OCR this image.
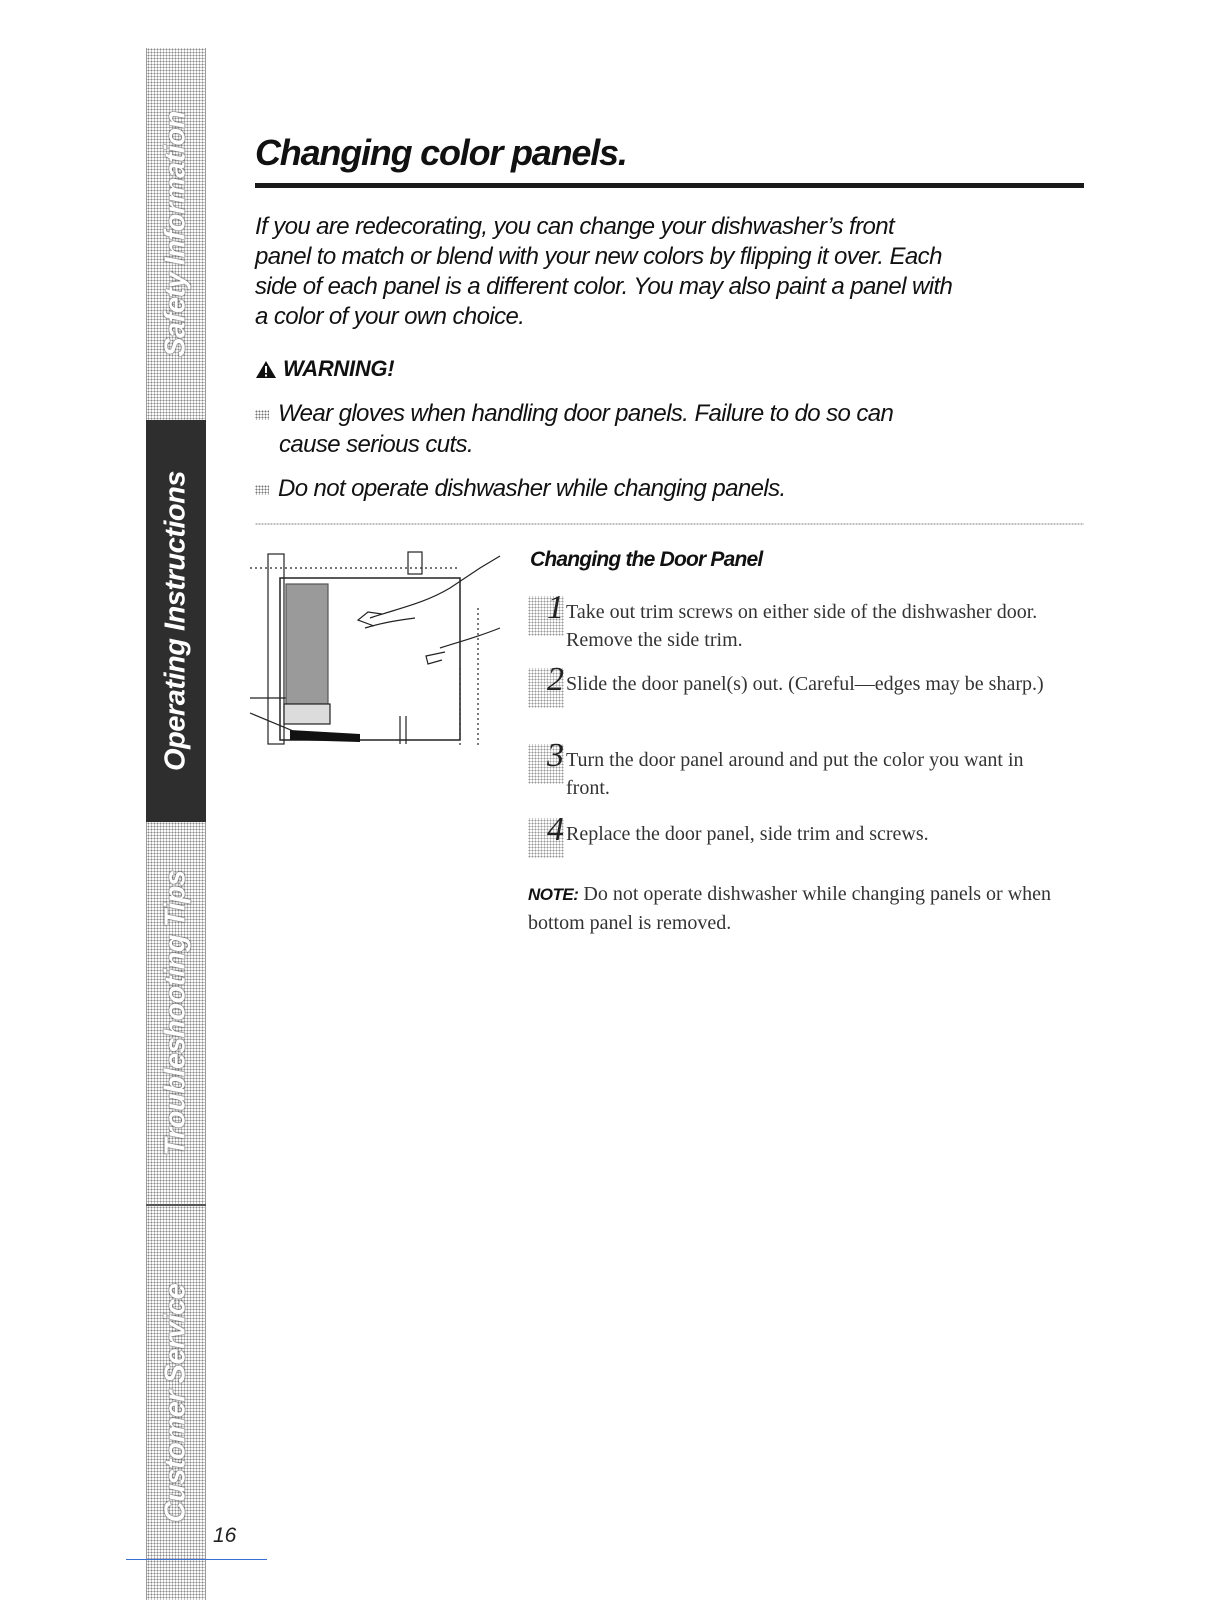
Safety Information
Operating Instructions
Troubleshooting Tips
Customer Service
Changing color panels.

If you are redecorating, you can change your dishwasher’s front panel to match or blend with your new colors by flipping it over. Each side of each panel is a different color. You may also paint a panel with a color of your own choice.

WARNING!
Wear gloves when handling door panels. Failure to do so can
cause serious cuts.
Do not operate dishwasher while changing panels.
Changing the Door Panel
1 Take out trim screws on either side of the dishwasher door. Remove the side trim.
2 Slide the door panel(s) out. (Careful—edges may be sharp.)
3 Turn the door panel around and put the color you want in front.
4 Replace the door panel, side trim and screws.
NOTE: Do not operate dishwasher while changing panels or when bottom panel is removed.
16
